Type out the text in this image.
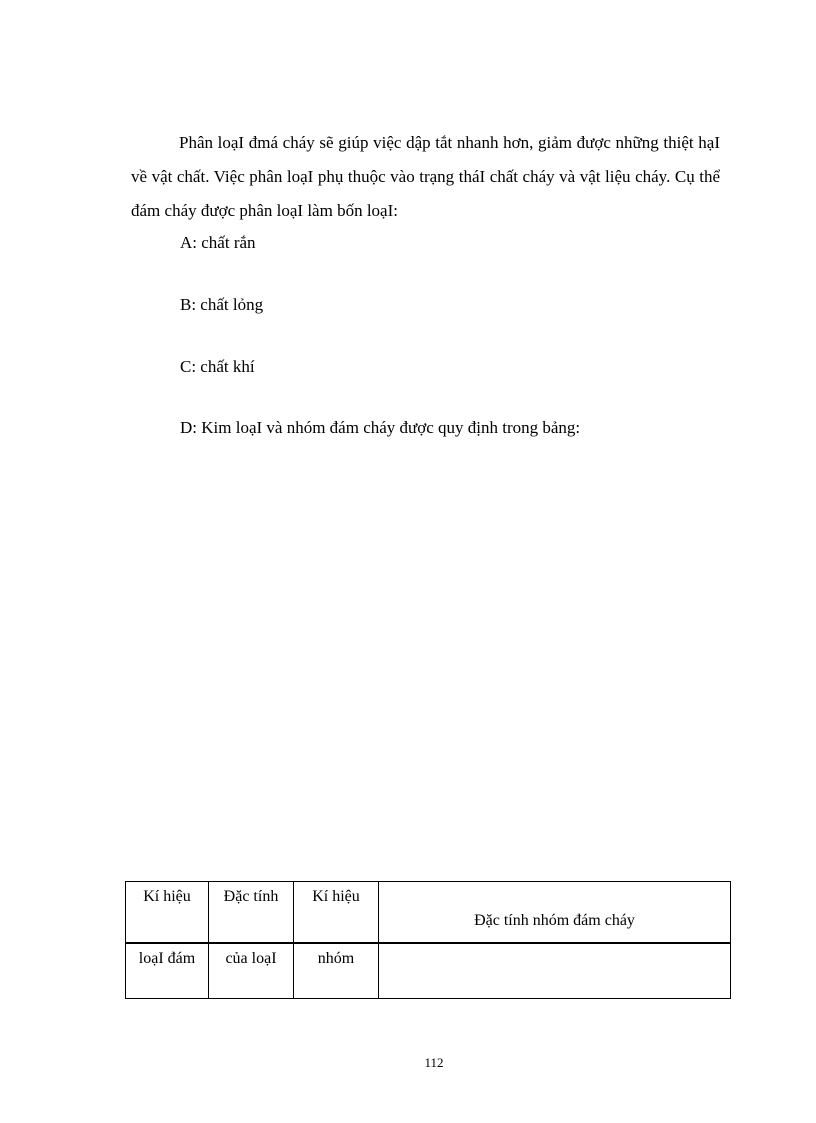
Phân loạI đmá cháy sẽ giúp việc dập tắt nhanh hơn, giảm được những thiệt hạI về vật chất. Việc phân loạI phụ thuộc vào trạng tháI chất cháy và vật liệu cháy. Cụ thể đám cháy được phân loạI làm bốn loạI:

A: chất rắn

B: chất lỏng

C: chất khí

D: Kim loạI và nhóm đám cháy được quy định trong bảng:

Kí hiệu	Đặc tính	Kí hiệu	Đặc tính nhóm đám cháy

loạI đám	của loạI	nhóm	

112
